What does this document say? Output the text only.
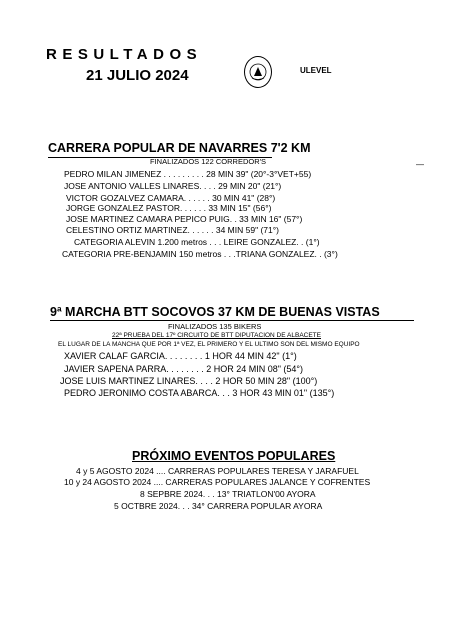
RESULTADOS
21 JULIO 2024	ULEVEL
CARRERA POPULAR DE NAVARRES 7'2 KM
FINALIZADOS 122 CORREDOR'S	—
PEDRO MILAN JIMENEZ . . . . . . . . . 28 MIN 39" (20°-3°VET+55)
JOSE ANTONIO VALLES LINARES. . . . 29 MIN 20" (21°)
VICTOR GOZALVEZ CAMARA. . . . . . 30 MIN 41" (28°)
JORGE GONZALEZ PASTOR. . . . . . 33 MIN 15" (56°)
JOSE MARTINEZ CAMARA PEPICO PUIG. . 33 MIN 16" (57°)
CELESTINO ORTIZ MARTINEZ. . . . . . 34 MIN 59" (71°)
CATEGORIA ALEVIN 1.200 metros . . . LEIRE GONZALEZ. . (1°)
CATEGORIA PRE-BENJAMIN 150 metros . . .TRIANA GONZALEZ. . (3°)
9ª MARCHA BTT SOCOVOS 37 KM DE BUENAS VISTAS
FINALIZADOS 135 BIKERS
22ª PRUEBA DEL 17º CIRCUITO DE BTT DIPUTACION DE ALBACETE
EL LUGAR DE LA MANCHA QUE POR 1ª VEZ, EL PRIMERO Y EL ULTIMO SON DEL MISMO EQUIPO
XAVIER CALAF GARCIA. . . . . . . . 1 HOR 44 MIN 42" (1°)
JAVIER SAPENA PARRA. . . . . . . . 2 HOR 24 MIN 08" (54°)
JOSE LUIS MARTINEZ LINARES. . . . 2 HOR 50 MIN 28" (100°)
PEDRO JERONIMO COSTA ABARCA. . . 3 HOR 43 MIN 01" (135°)
PRÓXIMO EVENTOS POPULARES
4 y 5 AGOSTO 2024 .... CARRERAS POPULARES TERESA Y JARAFUEL
10 y 24 AGOSTO 2024 .... CARRERAS POPULARES JALANCE Y COFRENTES
8 SEPBRE 2024. . . 13° TRIATLON'00 AYORA
5 OCTBRE 2024. . . 34° CARRERA POPULAR AYORA
